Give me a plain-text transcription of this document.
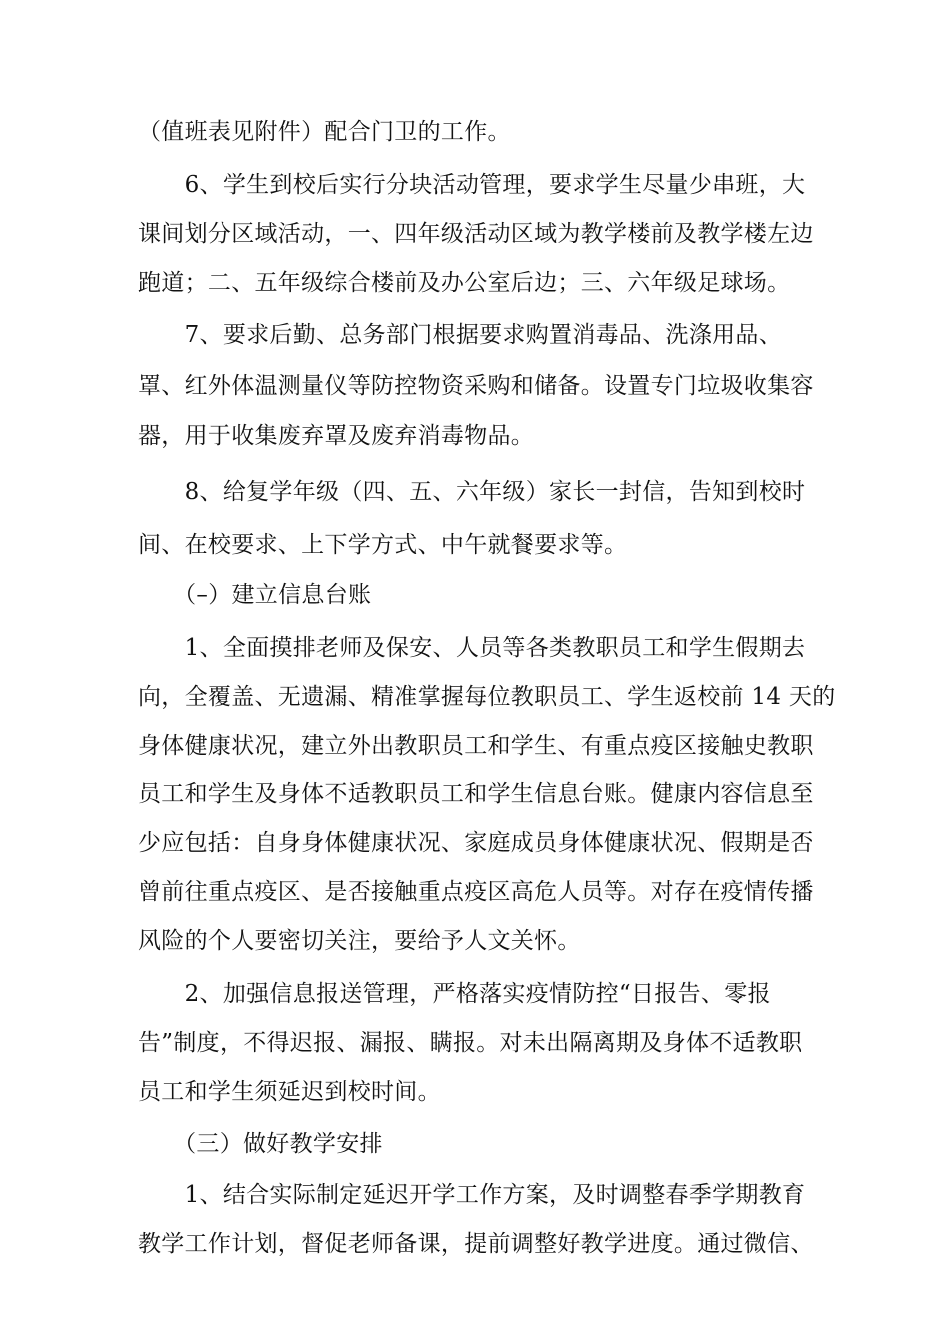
（值班表见附件）配合门卫的工作。
　　6、学生到校后实行分块活动管理，要求学生尽量少串班，大
课间划分区域活动，一、四年级活动区域为教学楼前及教学楼左边
跑道；二、五年级综合楼前及办公室后边；三、六年级足球场。
　　7、要求后勤、总务部门根据要求购置消毒品、洗涤用品、
罩、红外体温测量仪等防控物资采购和储备。设置专门垃圾收集容
器，用于收集废弃罩及废弃消毒物品。
　　8、给复学年级（四、五、六年级）家长一封信，告知到校时
间、在校要求、上下学方式、中午就餐要求等。
　　（–）建立信息台账
　　1、全面摸排老师及保安、人员等各类教职员工和学生假期去
向，全覆盖、无遗漏、精准掌握每位教职员工、学生返校前 14 天的
身体健康状况，建立外出教职员工和学生、有重点疫区接触史教职
员工和学生及身体不适教职员工和学生信息台账。健康内容信息至
少应包括：自身身体健康状况、家庭成员身体健康状况、假期是否
曾前往重点疫区、是否接触重点疫区高危人员等。对存在疫情传播
风险的个人要密切关注，要给予人文关怀。
　　2、加强信息报送管理，严格落实疫情防控“日报告、零报
告”制度，不得迟报、漏报、瞒报。对未出隔离期及身体不适教职
员工和学生须延迟到校时间。
　　（三）做好教学安排
　　1、结合实际制定延迟开学工作方案，及时调整春季学期教育
教学工作计划，督促老师备课，提前调整好教学进度。通过微信、
